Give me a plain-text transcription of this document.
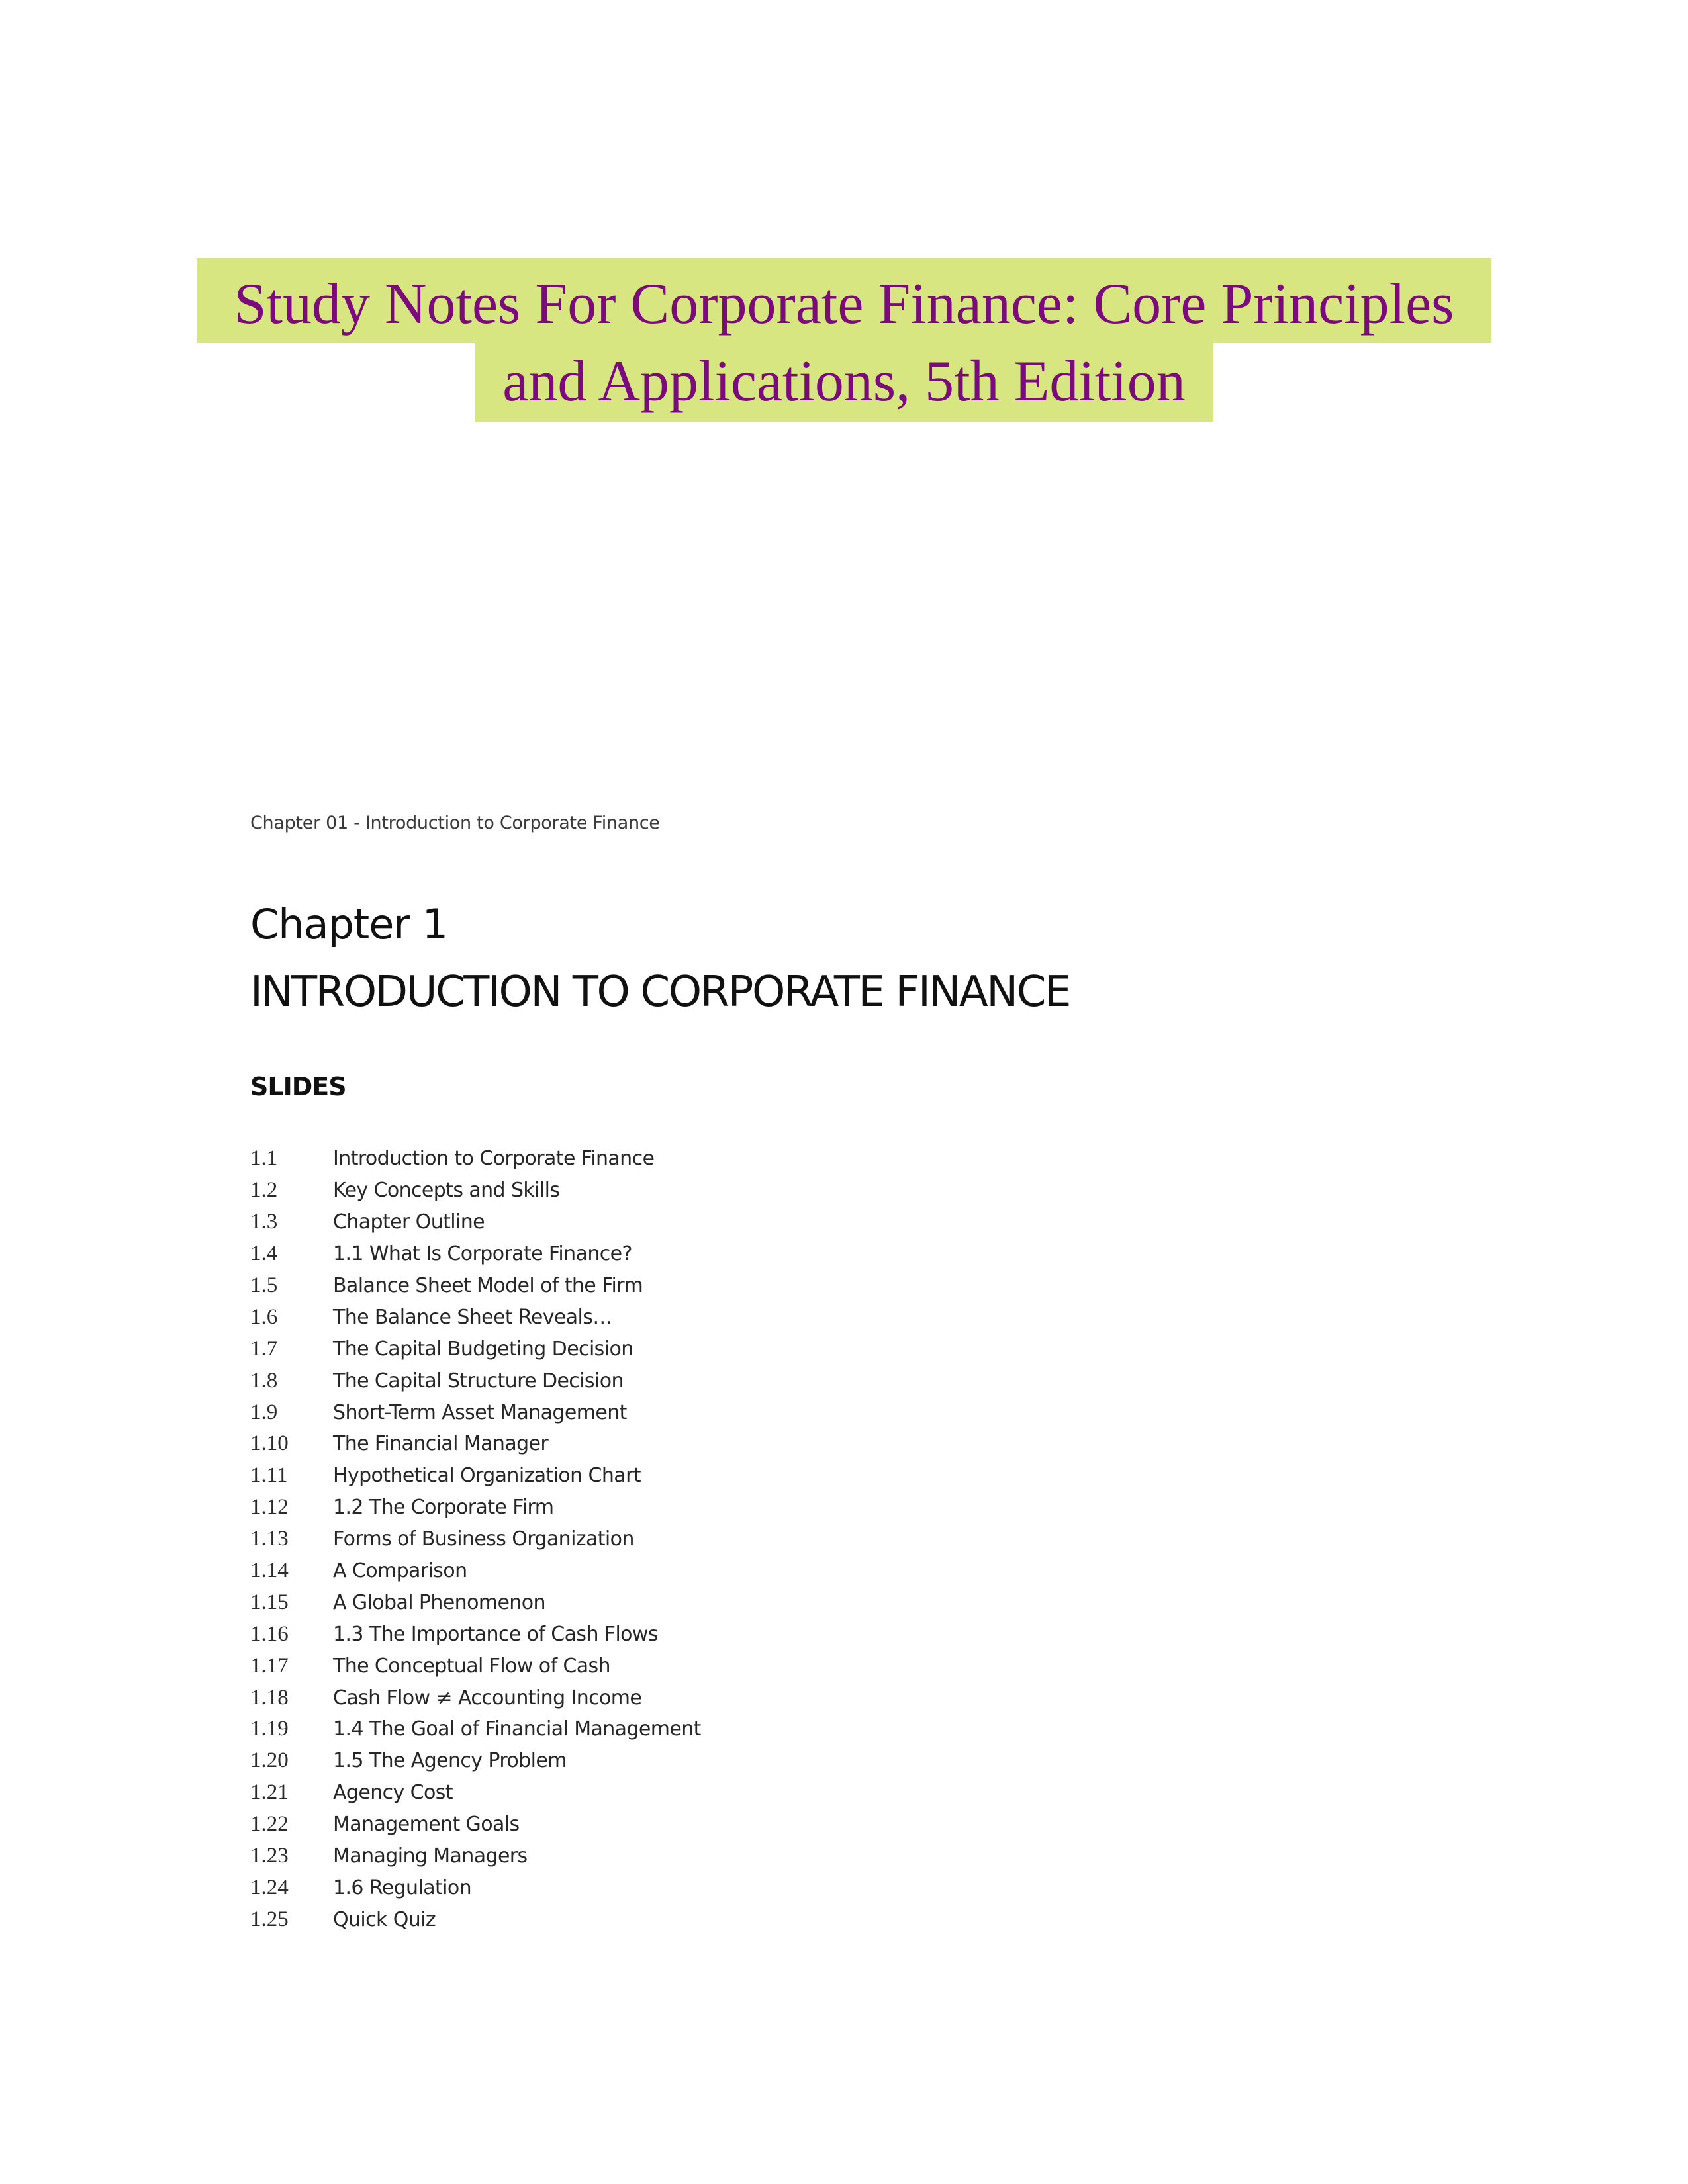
Study Notes For Corporate Finance: Core Principles
and Applications, 5th Edition
Chapter 01 - Introduction to Corporate Finance
Chapter 1
INTRODUCTION TO CORPORATE FINANCE
SLIDES
1.1	Introduction to Corporate Finance
1.2	Key Concepts and Skills
1.3	Chapter Outline
1.4	1.1 What Is Corporate Finance?
1.5	Balance Sheet Model of the Firm
1.6	The Balance Sheet Reveals…
1.7	The Capital Budgeting Decision
1.8	The Capital Structure Decision
1.9	Short-Term Asset Management
1.10	The Financial Manager
1.11	Hypothetical Organization Chart
1.12	1.2 The Corporate Firm
1.13	Forms of Business Organization
1.14	A Comparison
1.15	A Global Phenomenon
1.16	1.3 The Importance of Cash Flows
1.17	The Conceptual Flow of Cash
1.18	Cash Flow ≠ Accounting Income
1.19	1.4 The Goal of Financial Management
1.20	1.5 The Agency Problem
1.21	Agency Cost
1.22	Management Goals
1.23	Managing Managers
1.24	1.6 Regulation
1.25	Quick Quiz
